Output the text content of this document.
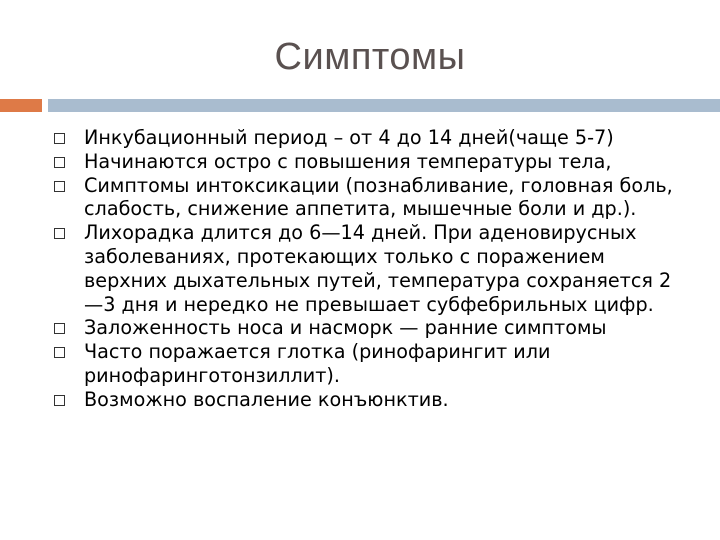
Симптомы
Инкубационный период – от 4 до 14 дней(чаще 5-7)
Начинаются остро с повышения температуры тела,
Симптомы интоксикации (познабливание, головная боль, слабость, снижение аппетита, мышечные боли и др.).
Лихорадка длится до 6—14 дней. При аденовирусных заболеваниях, протекающих только с поражением верхних дыхательных путей, температура сохраняется 2 —3 дня и нередко не превышает субфебрильных цифр.
Заложенность носа и насморк — ранние симптомы
Часто поражается глотка (ринофарингит или ринофаринготонзиллит).
Возможно воспаление конъюнктив.
